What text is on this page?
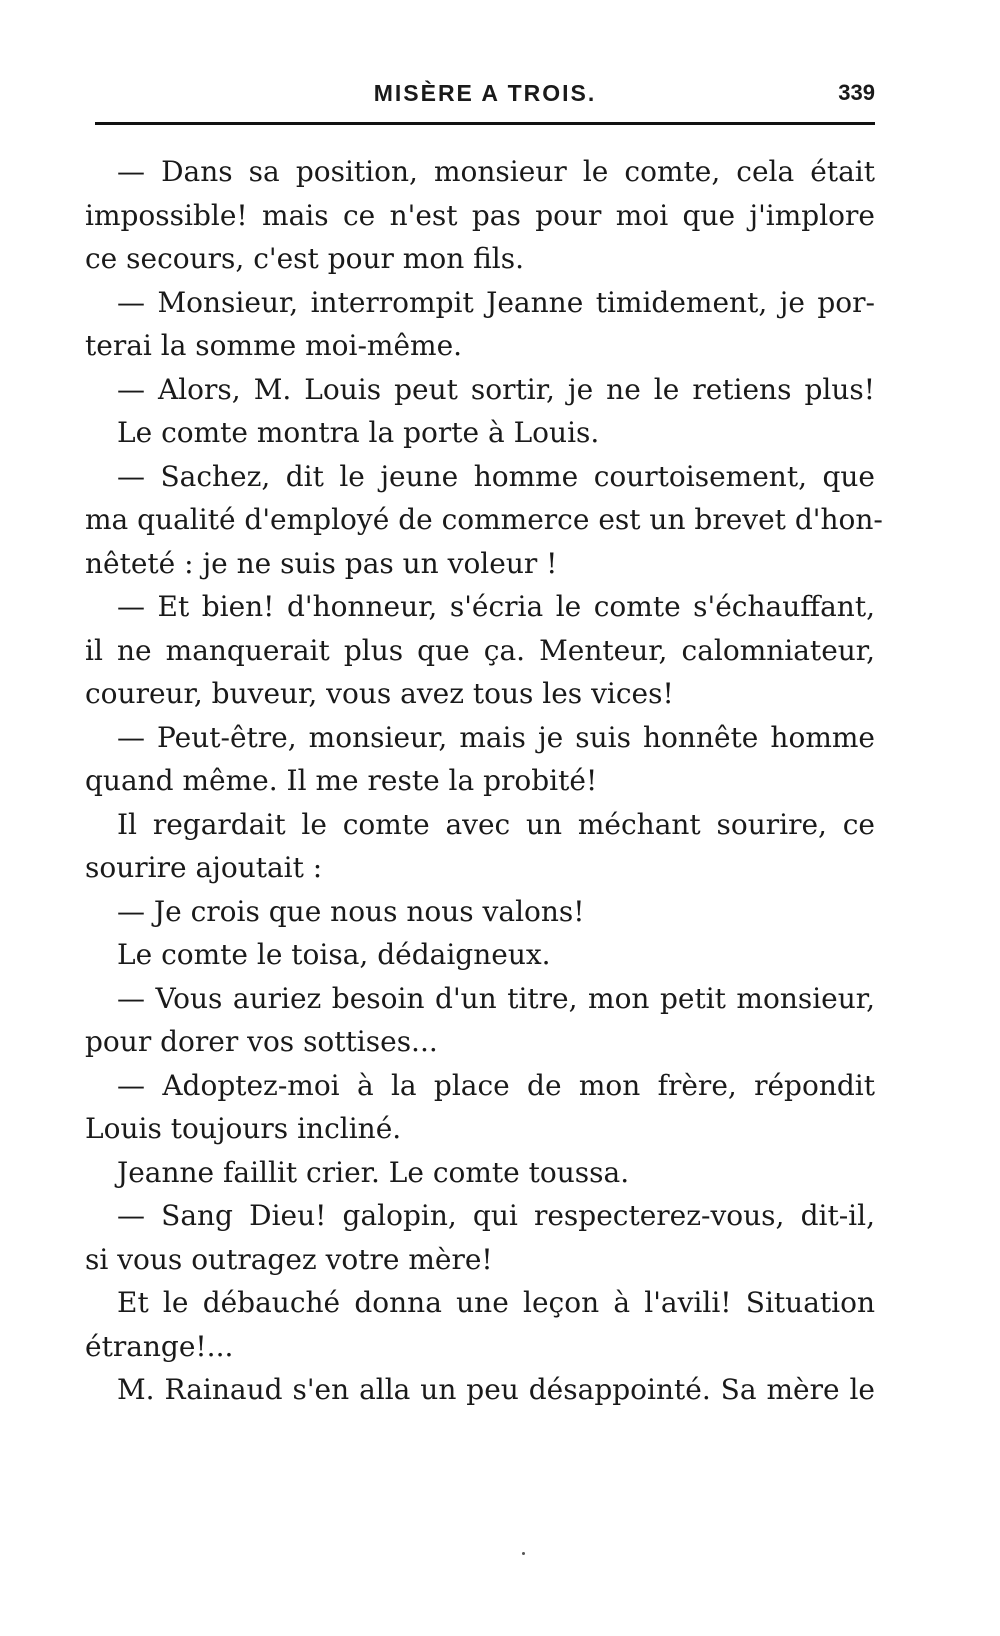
MISÈRE A TROIS.	339
— Dans sa position, monsieur le comte, cela était
impossible! mais ce n'est pas pour moi que j'implore
ce secours, c'est pour mon fils.
— Monsieur, interrompit Jeanne timidement, je por-
terai la somme moi-même.
— Alors, M. Louis peut sortir, je ne le retiens plus!
Le comte montra la porte à Louis.
— Sachez, dit le jeune homme courtoisement, que
ma qualité d'employé de commerce est un brevet d'hon-
nêteté : je ne suis pas un voleur !
— Et bien! d'honneur, s'écria le comte s'échauffant,
il ne manquerait plus que ça. Menteur, calomniateur,
coureur, buveur, vous avez tous les vices!
— Peut-être, monsieur, mais je suis honnête homme
quand même. Il me reste la probité!
Il regardait le comte avec un méchant sourire, ce
sourire ajoutait :
— Je crois que nous nous valons!
Le comte le toisa, dédaigneux.
— Vous auriez besoin d'un titre, mon petit monsieur,
pour dorer vos sottises...
— Adoptez-moi à la place de mon frère, répondit
Louis toujours incliné.
Jeanne faillit crier. Le comte toussa.
— Sang Dieu! galopin, qui respecterez-vous, dit-il,
si vous outragez votre mère!
Et le débauché donna une leçon à l'avili! Situation
étrange!...
M. Rainaud s'en alla un peu désappointé. Sa mère le
